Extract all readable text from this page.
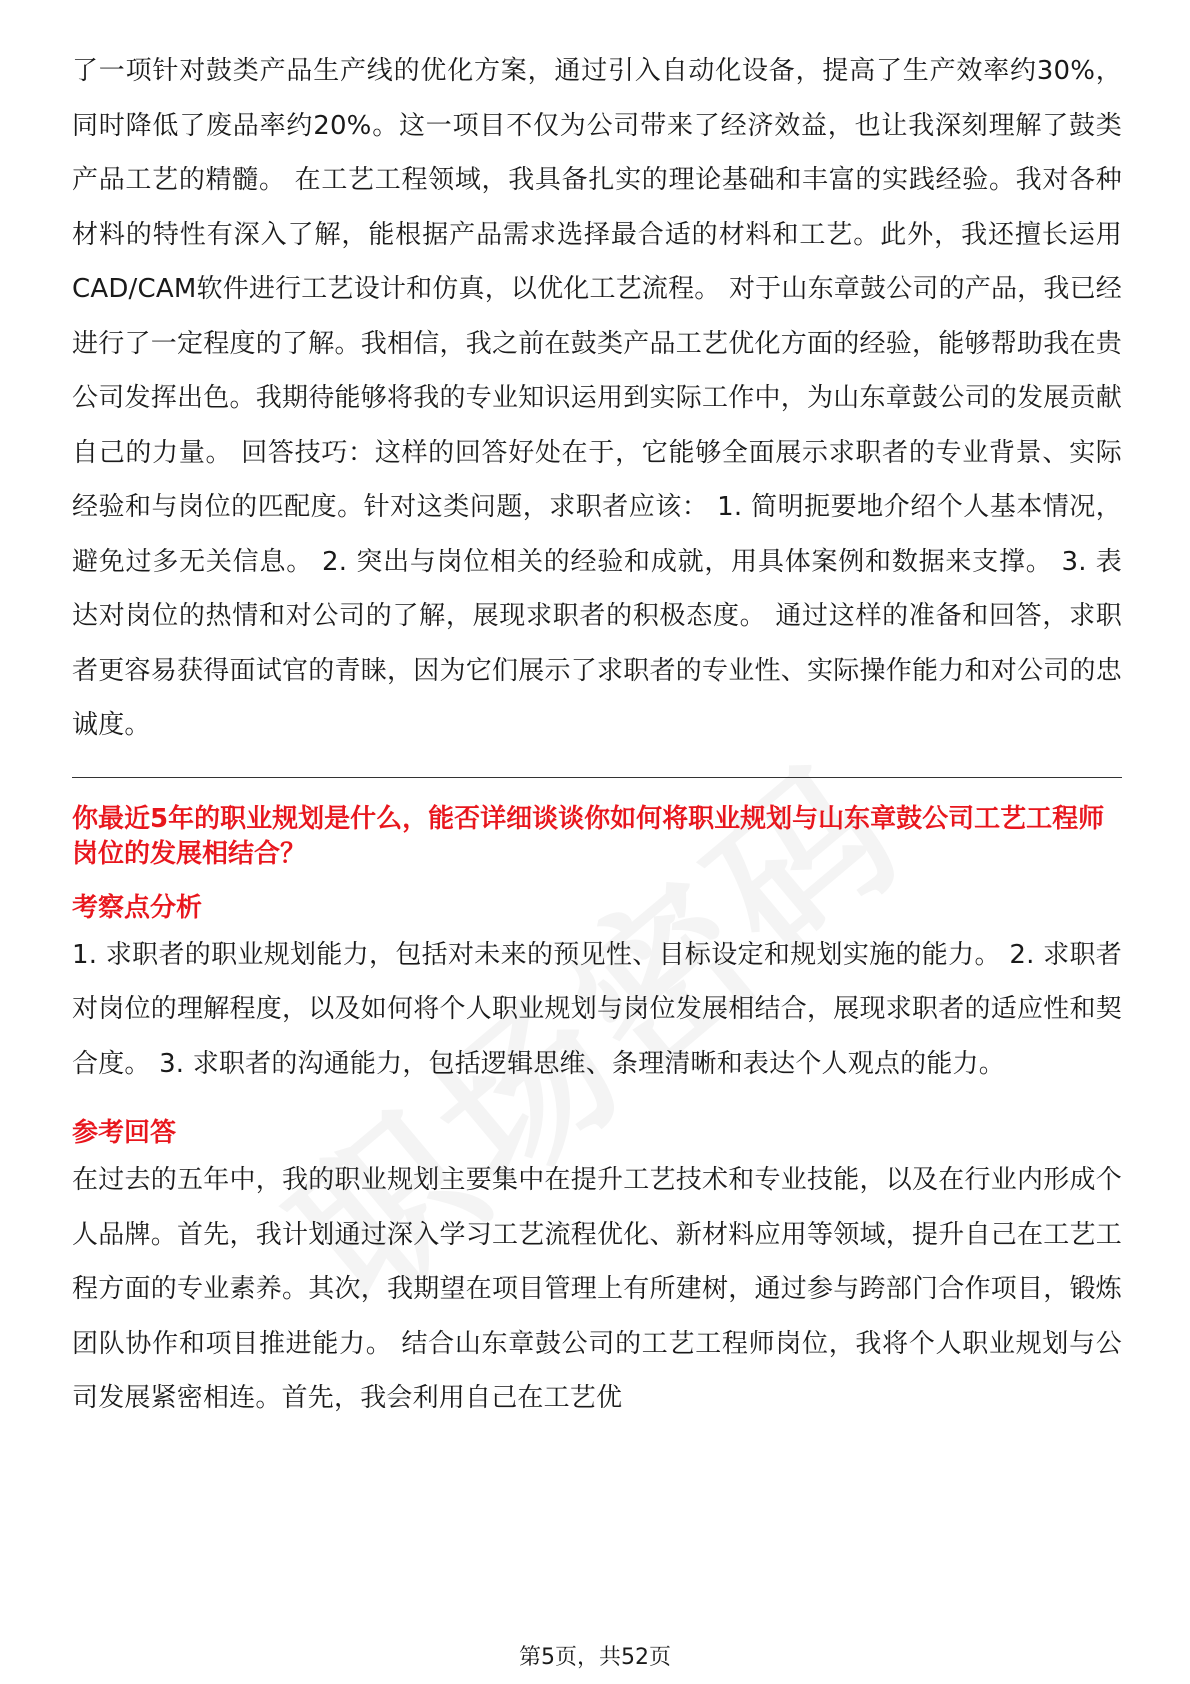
了一项针对鼓类产品生产线的优化方案，通过引入自动化设备，提高了生产效率约30%，同时降低了废品率约20%。这一项目不仅为公司带来了经济效益，也让我深刻理解了鼓类产品工艺的精髓。 在工艺工程领域，我具备扎实的理论基础和丰富的实践经验。我对各种材料的特性有深入了解，能根据产品需求选择最合适的材料和工艺。此外，我还擅长运用CAD/CAM软件进行工艺设计和仿真，以优化工艺流程。 对于山东章鼓公司的产品，我已经进行了一定程度的了解。我相信，我之前在鼓类产品工艺优化方面的经验，能够帮助我在贵公司发挥出色。我期待能够将我的专业知识运用到实际工作中，为山东章鼓公司的发展贡献自己的力量。 回答技巧：这样的回答好处在于，它能够全面展示求职者的专业背景、实际经验和与岗位的匹配度。针对这类问题，求职者应该： 1. 简明扼要地介绍个人基本情况，避免过多无关信息。 2. 突出与岗位相关的经验和成就，用具体案例和数据来支撑。 3. 表达对岗位的热情和对公司的了解，展现求职者的积极态度。 通过这样的准备和回答，求职者更容易获得面试官的青睐，因为它们展示了求职者的专业性、实际操作能力和对公司的忠诚度。

你最近5年的职业规划是什么，能否详细谈谈你如何将职业规划与山东章鼓公司工艺工程师岗位的发展相结合？

考察点分析

1. 求职者的职业规划能力，包括对未来的预见性、目标设定和规划实施的能力。 2. 求职者对岗位的理解程度，以及如何将个人职业规划与岗位发展相结合，展现求职者的适应性和契合度。 3. 求职者的沟通能力，包括逻辑思维、条理清晰和表达个人观点的能力。

参考回答

在过去的五年中，我的职业规划主要集中在提升工艺技术和专业技能，以及在行业内形成个人品牌。首先，我计划通过深入学习工艺流程优化、新材料应用等领域，提升自己在工艺工程方面的专业素养。其次，我期望在项目管理上有所建树，通过参与跨部门合作项目，锻炼团队协作和项目推进能力。 结合山东章鼓公司的工艺工程师岗位，我将个人职业规划与公司发展紧密相连。首先，我会利用自己在工艺优

第5页，共52页
